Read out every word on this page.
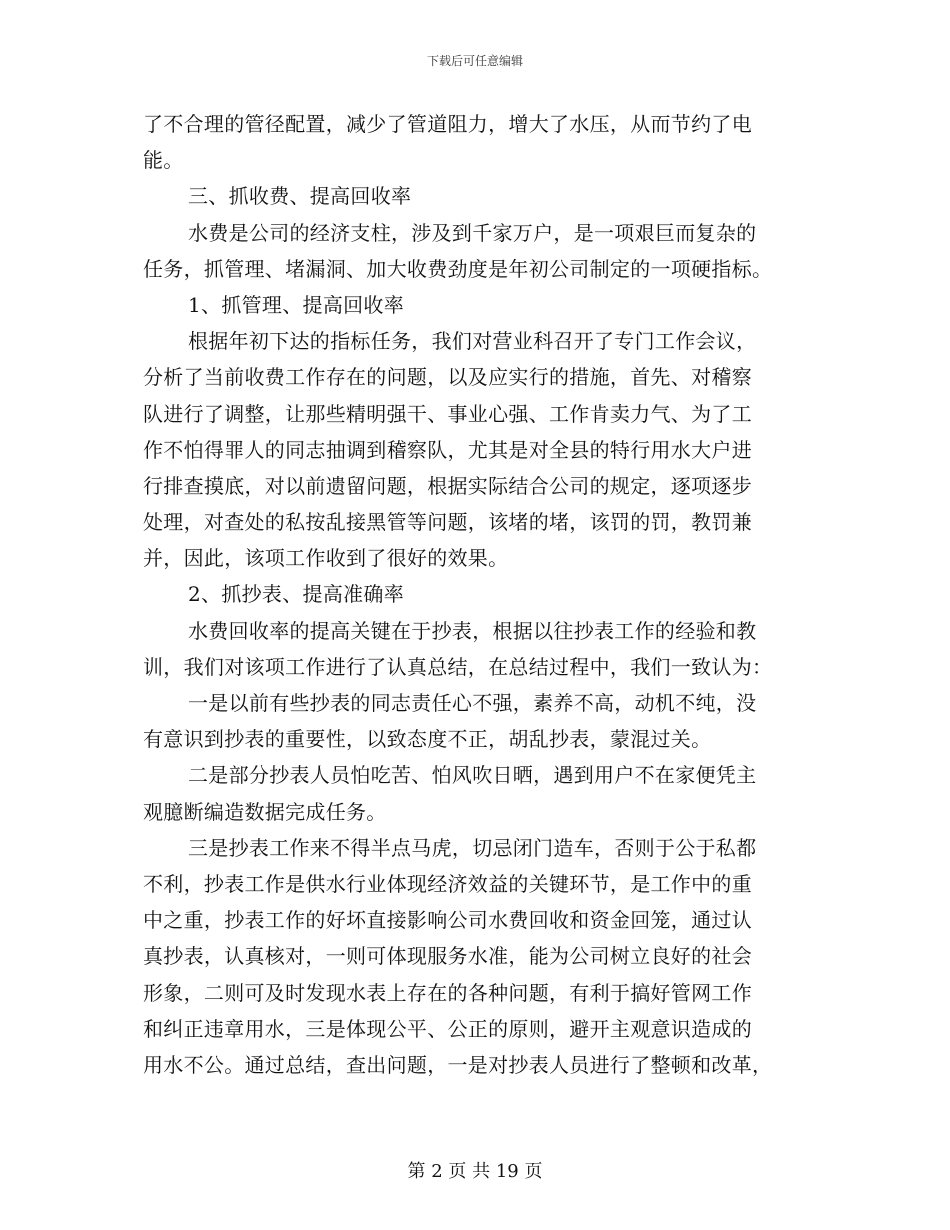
下载后可任意编辑
了不合理的管径配置，减少了管道阻力，增大了水压，从而节约了电
能。
三、抓收费、提高回收率
水费是公司的经济支柱，涉及到千家万户，是一项艰巨而复杂的
任务，抓管理、堵漏洞、加大收费劲度是年初公司制定的一项硬指标。
1、抓管理、提高回收率
根据年初下达的指标任务，我们对营业科召开了专门工作会议，
分析了当前收费工作存在的问题，以及应实行的措施，首先、对稽察
队进行了调整，让那些精明强干、事业心强、工作肯卖力气、为了工
作不怕得罪人的同志抽调到稽察队，尤其是对全县的特行用水大户进
行排查摸底，对以前遗留问题，根据实际结合公司的规定，逐项逐步
处理，对查处的私按乱接黑管等问题，该堵的堵，该罚的罚，教罚兼
并，因此，该项工作收到了很好的效果。
2、抓抄表、提高准确率
水费回收率的提高关键在于抄表，根据以往抄表工作的经验和教
训，我们对该项工作进行了认真总结，在总结过程中，我们一致认为：
一是以前有些抄表的同志责任心不强，素养不高，动机不纯，没
有意识到抄表的重要性，以致态度不正，胡乱抄表，蒙混过关。
二是部分抄表人员怕吃苦、怕风吹日晒，遇到用户不在家便凭主
观臆断编造数据完成任务。
三是抄表工作来不得半点马虎，切忌闭门造车，否则于公于私都
不利，抄表工作是供水行业体现经济效益的关键环节，是工作中的重
中之重，抄表工作的好坏直接影响公司水费回收和资金回笼，通过认
真抄表，认真核对，一则可体现服务水准，能为公司树立良好的社会
形象，二则可及时发现水表上存在的各种问题，有利于搞好管网工作
和纠正违章用水，三是体现公平、公正的原则，避开主观意识造成的
用水不公。通过总结，查出问题，一是对抄表人员进行了整顿和改革，
第 2 页 共 19 页
